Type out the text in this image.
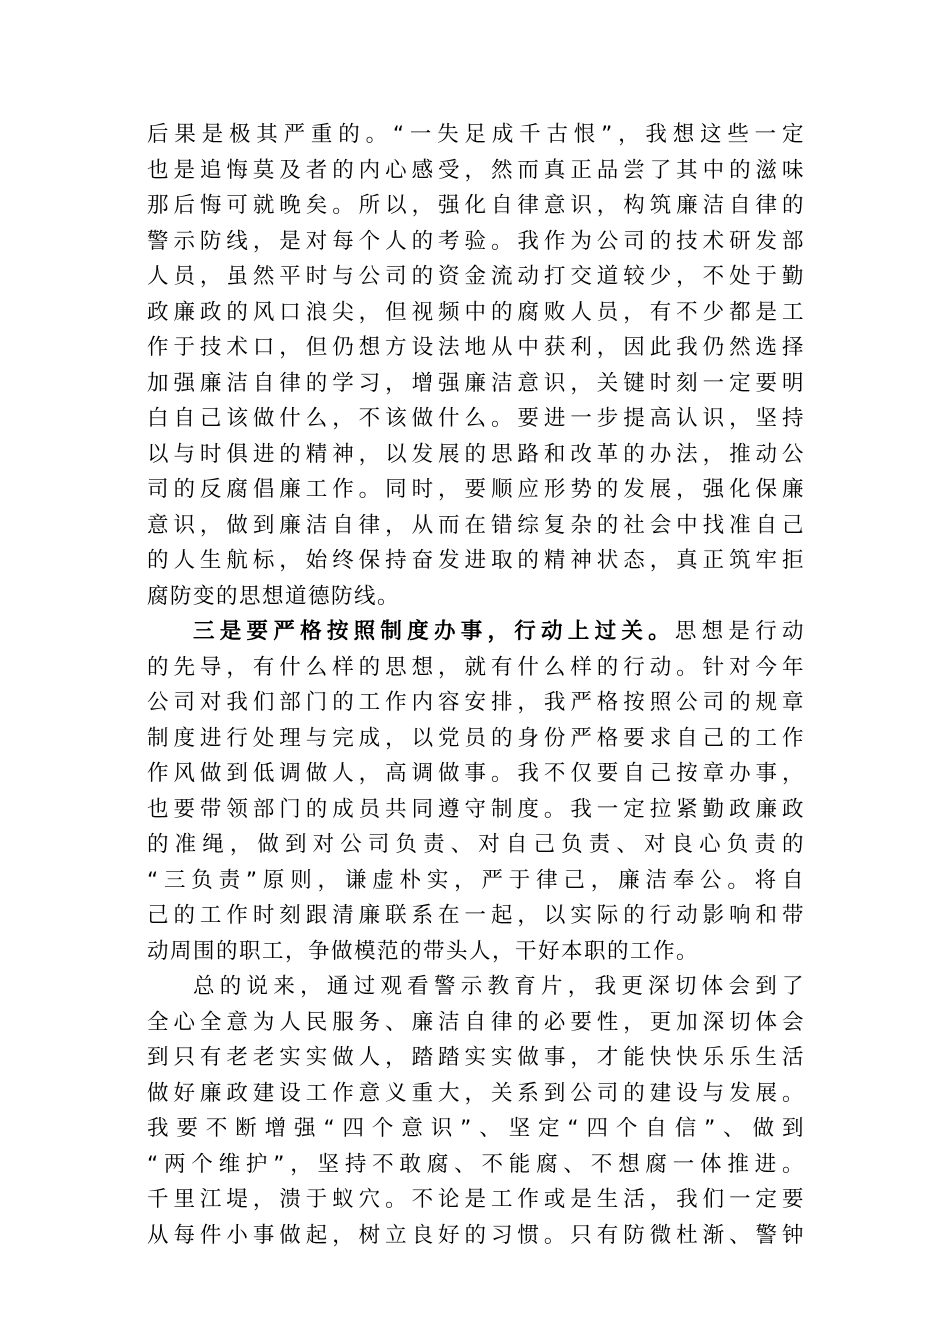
后果是极其严重的。“一失足成千古恨”，我想这些一定
也是追悔莫及者的内心感受，然而真正品尝了其中的滋味
那后悔可就晚矣。所以，强化自律意识，构筑廉洁自律的
警示防线，是对每个人的考验。我作为公司的技术研发部
人员，虽然平时与公司的资金流动打交道较少，不处于勤
政廉政的风口浪尖，但视频中的腐败人员，有不少都是工
作于技术口，但仍想方设法地从中获利，因此我仍然选择
加强廉洁自律的学习，增强廉洁意识，关键时刻一定要明
白自己该做什么，不该做什么。要进一步提高认识，坚持
以与时俱进的精神，以发展的思路和改革的办法，推动公
司的反腐倡廉工作。同时，要顺应形势的发展，强化保廉
意识，做到廉洁自律，从而在错综复杂的社会中找准自己
的人生航标，始终保持奋发进取的精神状态，真正筑牢拒
腐防变的思想道德防线。
三是要严格按照制度办事，行动上过关。思想是行动
的先导，有什么样的思想，就有什么样的行动。针对今年
公司对我们部门的工作内容安排，我严格按照公司的规章
制度进行处理与完成，以党员的身份严格要求自己的工作
作风做到低调做人，高调做事。我不仅要自己按章办事，
也要带领部门的成员共同遵守制度。我一定拉紧勤政廉政
的准绳，做到对公司负责、对自己负责、对良心负责的
“三负责”原则，谦虚朴实，严于律己，廉洁奉公。将自
己的工作时刻跟清廉联系在一起，以实际的行动影响和带
动周围的职工，争做模范的带头人，干好本职的工作。
总的说来，通过观看警示教育片，我更深切体会到了
全心全意为人民服务、廉洁自律的必要性，更加深切体会
到只有老老实实做人，踏踏实实做事，才能快快乐乐生活
做好廉政建设工作意义重大，关系到公司的建设与发展。
我要不断增强“四个意识”、坚定“四个自信”、做到
“两个维护”，坚持不敢腐、不能腐、不想腐一体推进。
千里江堤，溃于蚁穴。不论是工作或是生活，我们一定要
从每件小事做起，树立良好的习惯。只有防微杜渐、警钟
